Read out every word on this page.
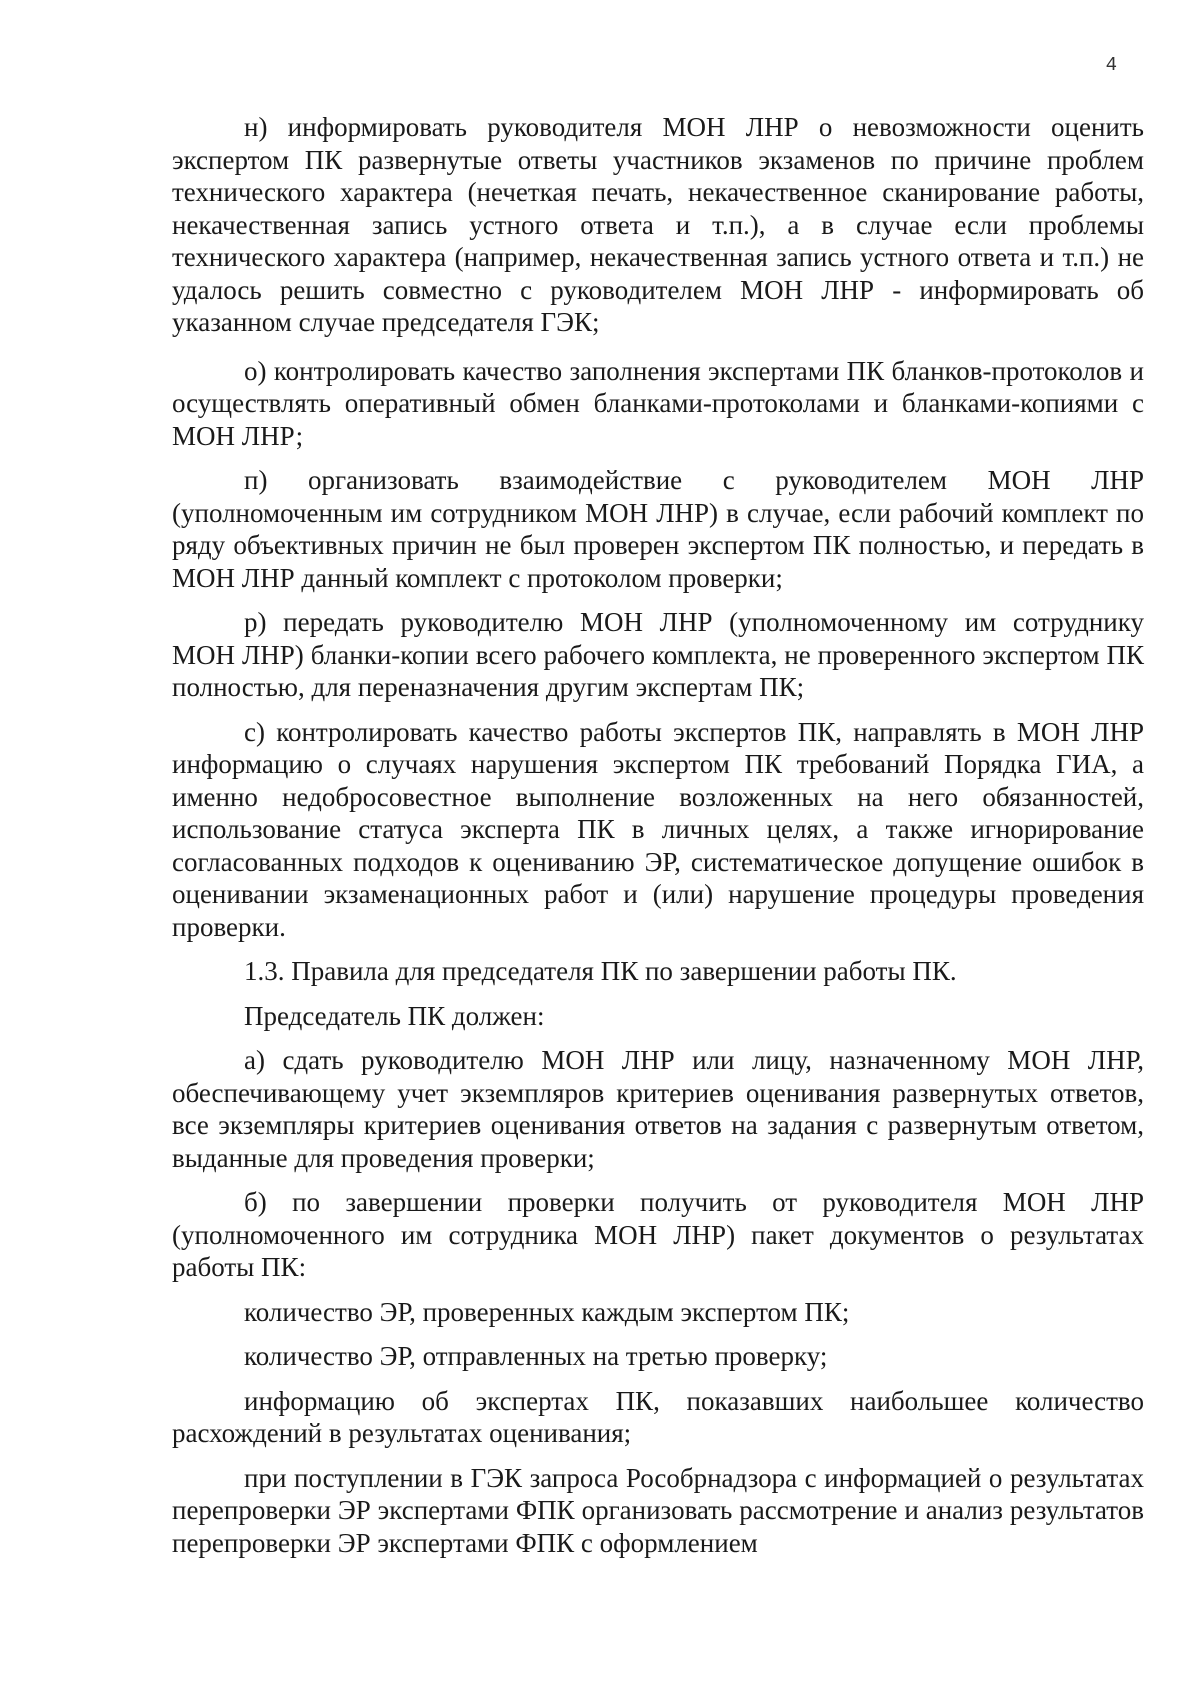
4

н) информировать руководителя МОН ЛНР о невозможности оценить экспертом ПК развернутые ответы участников экзаменов по причине проблем технического характера (нечеткая печать, некачественное сканирование работы, некачественная запись устного ответа и т.п.), а в случае если проблемы технического характера (например, некачественная запись устного ответа и т.п.) не удалось решить совместно с руководителем МОН ЛНР - информировать об указанном случае председателя ГЭК;

о) контролировать качество заполнения экспертами ПК бланков-протоколов и осуществлять оперативный обмен бланками-протоколами и бланками-копиями с МОН ЛНР;

п) организовать взаимодействие с руководителем МОН ЛНР (уполномоченным им сотрудником МОН ЛНР) в случае, если рабочий комплект по ряду объективных причин не был проверен экспертом ПК полностью, и передать в МОН ЛНР данный комплект с протоколом проверки;

р) передать руководителю МОН ЛНР (уполномоченному им сотруднику МОН ЛНР) бланки-копии всего рабочего комплекта, не проверенного экспертом ПК полностью, для переназначения другим экспертам ПК;

с) контролировать качество работы экспертов ПК, направлять в МОН ЛНР информацию о случаях нарушения экспертом ПК требований Порядка ГИА, а именно недобросовестное выполнение возложенных на него обязанностей, использование статуса эксперта ПК в личных целях, а также игнорирование согласованных подходов к оцениванию ЭР, систематическое допущение ошибок в оценивании экзаменационных работ и (или) нарушение процедуры проведения проверки.

1.3. Правила для председателя ПК по завершении работы ПК.

Председатель ПК должен:

а) сдать руководителю МОН ЛНР или лицу, назначенному МОН ЛНР, обеспечивающему учет экземпляров критериев оценивания развернутых ответов, все экземпляры критериев оценивания ответов на задания с развернутым ответом, выданные для проведения проверки;

б) по завершении проверки получить от руководителя МОН ЛНР (уполномоченного им сотрудника МОН ЛНР) пакет документов о результатах работы ПК:

количество ЭР, проверенных каждым экспертом ПК;

количество ЭР, отправленных на третью проверку;

информацию об экспертах ПК, показавших наибольшее количество расхождений в результатах оценивания;

при поступлении в ГЭК запроса Рособрнадзора с информацией о результатах перепроверки ЭР экспертами ФПК организовать рассмотрение и анализ результатов перепроверки ЭР экспертами ФПК с оформлением
